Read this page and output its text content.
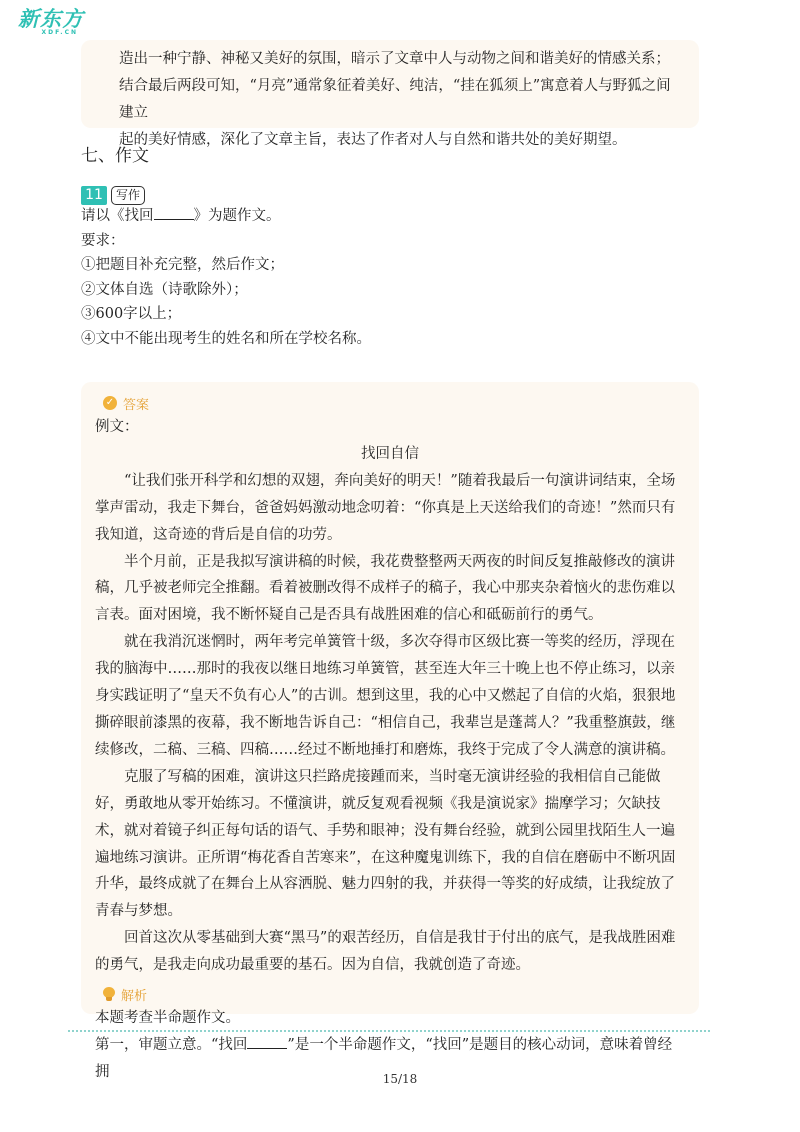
新东方
XDF.CN

造出一种宁静、神秘又美好的氛围，暗示了文章中人与动物之间和谐美好的情感关系；

结合最后两段可知，“月亮”通常象征着美好、纯洁，“挂在狐须上”寓意着人与野狐之间建立

起的美好情感，深化了文章主旨，表达了作者对人与自然和谐共处的美好期望。

七、作文
11	写作

请以《找回	》为题作文。

要求：

①把题目补充完整，然后作文；

②文体自选（诗歌除外）；

③600字以上；

④文中不能出现考生的姓名和所在学校名称。

✓ 答案

例文：

找回自信

“让我们张开科学和幻想的双翅，奔向美好的明天！”随着我最后一句演讲词结束，全场掌声雷动，我走下舞台，爸爸妈妈激动地念叨着：“你真是上天送给我们的奇迹！”然而只有我知道，这奇迹的背后是自信的功劳。

半个月前，正是我拟写演讲稿的时候，我花费整整两天两夜的时间反复推敲修改的演讲稿，几乎被老师完全推翻。看着被删改得不成样子的稿子，我心中那夹杂着恼火的悲伤难以言表。面对困境，我不断怀疑自己是否具有战胜困难的信心和砥砺前行的勇气。

就在我消沉迷惘时，两年考完单簧管十级，多次夺得市区级比赛一等奖的经历，浮现在我的脑海中……那时的我夜以继日地练习单簧管，甚至连大年三十晚上也不停止练习，以亲身实践证明了“皇天不负有心人”的古训。想到这里，我的心中又燃起了自信的火焰，狠狠地撕碎眼前漆黑的夜幕，我不断地告诉自己：“相信自己，我辈岂是蓬蒿人？”我重整旗鼓，继续修改，二稿、三稿、四稿……经过不断地捶打和磨炼，我终于完成了令人满意的演讲稿。

克服了写稿的困难，演讲这只拦路虎接踵而来，当时毫无演讲经验的我相信自己能做好，勇敢地从零开始练习。不懂演讲，就反复观看视频《我是演说家》揣摩学习；欠缺技术，就对着镜子纠正每句话的语气、手势和眼神；没有舞台经验，就到公园里找陌生人一遍遍地练习演讲。正所谓“梅花香自苦寒来”，在这种魔鬼训练下，我的自信在磨砺中不断巩固升华，最终成就了在舞台上从容洒脱、魅力四射的我，并获得一等奖的好成绩，让我绽放了青春与梦想。

回首这次从零基础到大赛“黑马”的艰苦经历，自信是我甘于付出的底气，是我战胜困难的勇气，是我走向成功最重要的基石。因为自信，我就创造了奇迹。

解析

本题考查半命题作文。

第一，审题立意。“找回	”是一个半命题作文，“找回”是题目的核心动词，意味着曾经拥	15/18
